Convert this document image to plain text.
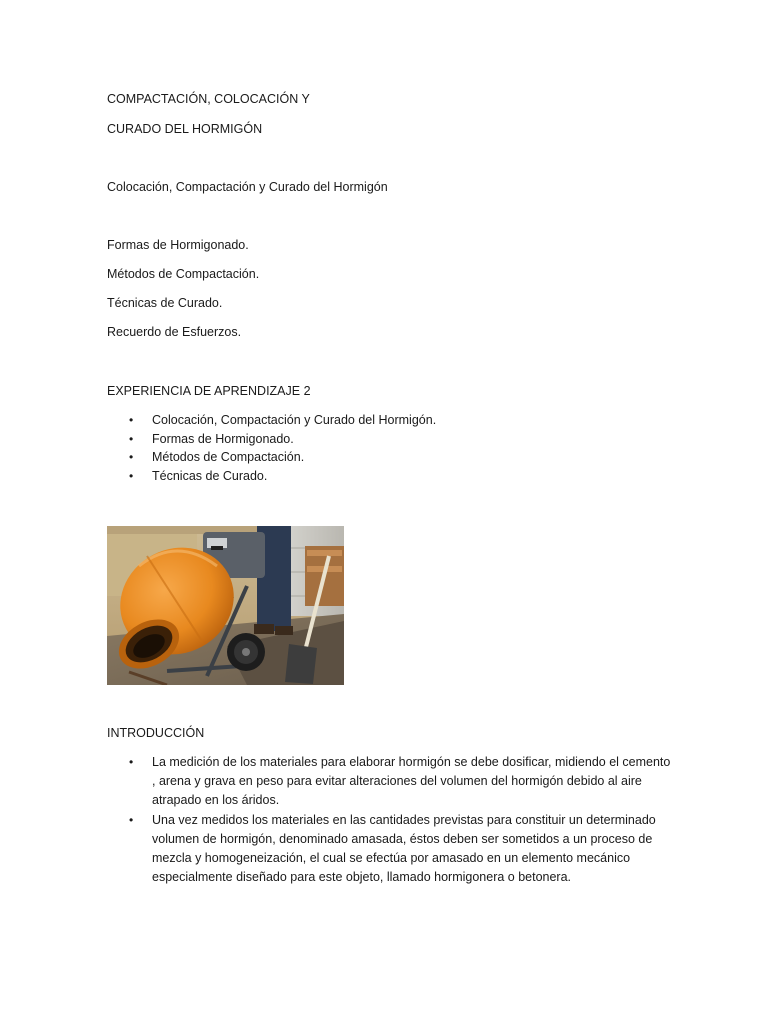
COMPACTACIÓN, COLOCACIÓN Y

CURADO DEL HORMIGÓN

Colocación, Compactación y Curado del Hormigón

Formas de Hormigonado.

Métodos de Compactación.

Técnicas de Curado.

Recuerdo de Esfuerzos.

EXPERIENCIA DE APRENDIZAJE 2

• Colocación, Compactación y Curado del Hormigón.
• Formas de Hormigonado.
• Métodos de Compactación.
• Técnicas de Curado.

INTRODUCCIÓN

• La medición de los materiales para elaborar hormigón se debe dosificar, midiendo el cemento , arena y grava en peso para evitar alteraciones del volumen del hormigón debido al aire atrapado en los áridos.
• Una vez medidos los materiales en las cantidades previstas para constituir un determinado volumen de hormigón, denominado amasada, éstos deben ser sometidos a un proceso de mezcla y homogeneización, el cual se efectúa por amasado en un elemento mecánico especialmente diseñado para este objeto, llamado hormigonera o betonera.
